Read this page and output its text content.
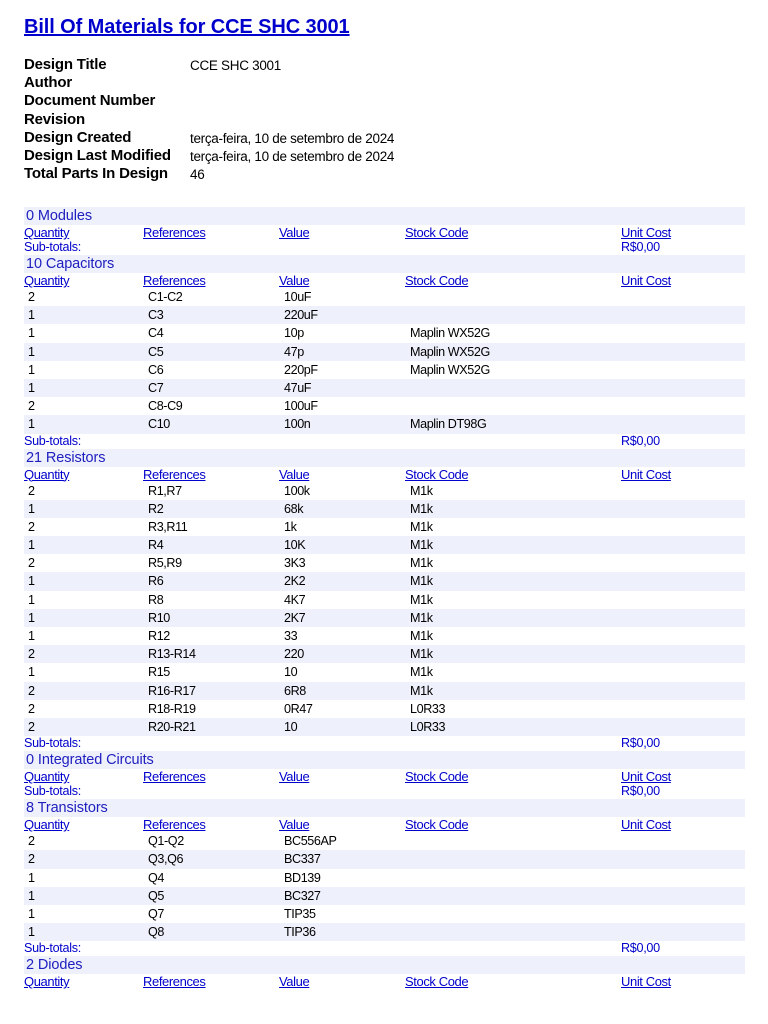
Bill Of Materials for CCE SHC 3001
Design Title	CCE SHC 3001
Author
Document Number
Revision
Design Created	terça-feira, 10 de setembro de 2024
Design Last Modified	terça-feira, 10 de setembro de 2024
Total Parts In Design	46
0 Modules
Quantity	References	Value	Stock Code	Unit Cost
Sub-totals:	R$0,00
10 Capacitors
Quantity	References	Value	Stock Code	Unit Cost
2	C1-C2	10uF
1	C3	220uF
1	C4	10p	Maplin WX52G
1	C5	47p	Maplin WX52G
1	C6	220pF	Maplin WX52G
1	C7	47uF
2	C8-C9	100uF
1	C10	100n	Maplin DT98G
Sub-totals:	R$0,00
21 Resistors
Quantity	References	Value	Stock Code	Unit Cost
2	R1,R7	100k	M1k
1	R2	68k	M1k
2	R3,R11	1k	M1k
1	R4	10K	M1k
2	R5,R9	3K3	M1k
1	R6	2K2	M1k
1	R8	4K7	M1k
1	R10	2K7	M1k
1	R12	33	M1k
2	R13-R14	220	M1k
1	R15	10	M1k
2	R16-R17	6R8	M1k
2	R18-R19	0R47	L0R33
2	R20-R21	10	L0R33
Sub-totals:	R$0,00
0 Integrated Circuits
Quantity	References	Value	Stock Code	Unit Cost
Sub-totals:	R$0,00
8 Transistors
Quantity	References	Value	Stock Code	Unit Cost
2	Q1-Q2	BC556AP
2	Q3,Q6	BC337
1	Q4	BD139
1	Q5	BC327
1	Q7	TIP35
1	Q8	TIP36
Sub-totals:	R$0,00
2 Diodes
Quantity	References	Value	Stock Code	Unit Cost
